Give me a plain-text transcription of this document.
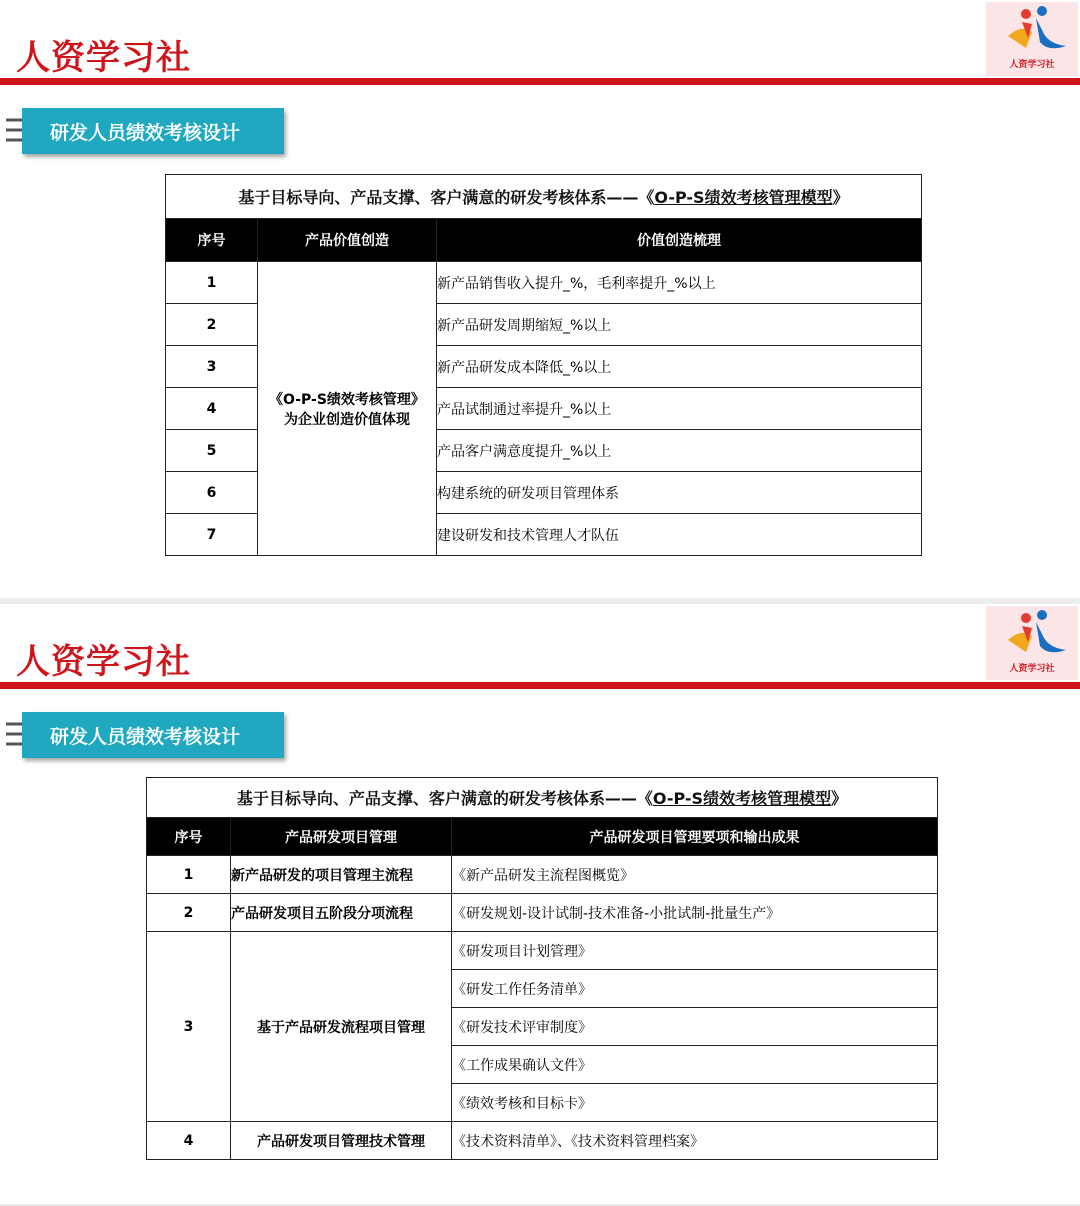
人资学习社	人资学习社
研发人员绩效考核设计
基于目标导向、产品支撑、客户满意的研发考核体系——《O-P-S绩效考核管理模型》		
序号	产品价值创造	价值创造梳理
1	《O-P-S绩效考核管理》
为企业创造价值体现	新产品销售收入提升_%，毛利率提升_%以上
2		新产品研发周期缩短_%以上
3		新产品研发成本降低_%以上
4		产品试制通过率提升_%以上
5		产品客户满意度提升_%以上
6		构建系统的研发项目管理体系
7		建设研发和技术管理人才队伍
人资学习社	人资学习社
研发人员绩效考核设计
基于目标导向、产品支撑、客户满意的研发考核体系——《O-P-S绩效考核管理模型》		
序号	产品研发项目管理	产品研发项目管理要项和输出成果
1	新产品研发的项目管理主流程	《新产品研发主流程图概览》
2	产品研发项目五阶段分项流程	《研发规划-设计试制-技术准备-小批试制-批量生产》
3	基于产品研发流程项目管理	《研发项目计划管理》
		《研发工作任务清单》
		《研发技术评审制度》
		《工作成果确认文件》
		《绩效考核和目标卡》
4	产品研发项目管理技术管理	《技术资料清单》、《技术资料管理档案》
